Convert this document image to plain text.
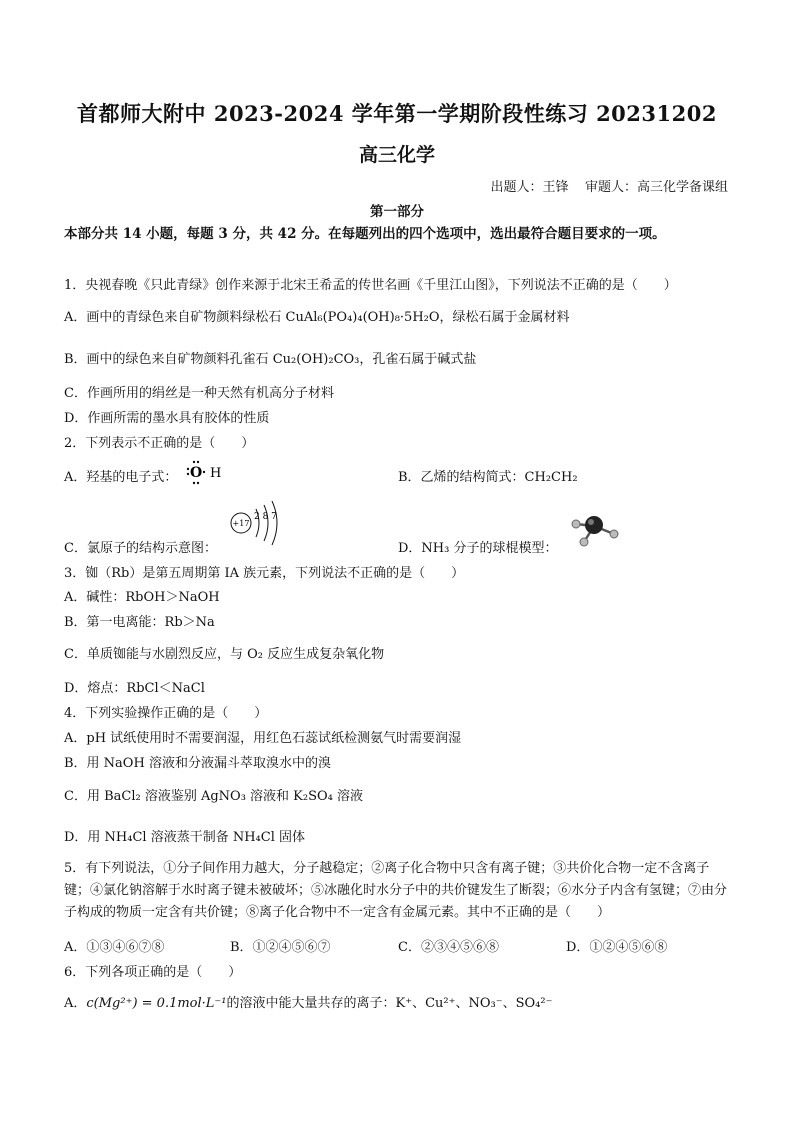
首都师大附中 2023-2024 学年第一学期阶段性练习 20231202
高三化学
出题人：王锋    审题人：高三化学备课组
第一部分
本部分共 14 小题，每题 3 分，共 42 分。在每题列出的四个选项中，选出最符合题目要求的一项。
1．央视春晚《只此青绿》创作来源于北宋王希孟的传世名画《千里江山图》，下列说法不正确的是（　　）
A．画中的青绿色来自矿物颜料绿松石 CuAl₆(PO₄)₄(OH)₈·5H₂O，绿松石属于金属材料
B．画中的绿色来自矿物颜料孔雀石 Cu₂(OH)₂CO₃，孔雀石属于碱式盐
C．作画所用的绢丝是一种天然有机高分子材料
D．作画所需的墨水具有胶体的性质
2．下列表示不正确的是（　　）
A．羟基的电子式： O H	B．乙烯的结构简式：CH₂CH₂
C．氯原子的结构示意图：
+17
2 8 7
D．NH₃ 分子的球棍模型：
3．铷（Rb）是第五周期第 IA 族元素，下列说法不正确的是（　　）
A．碱性：RbOH＞NaOH
B．第一电离能：Rb＞Na
C．单质铷能与水剧烈反应，与 O₂ 反应生成复杂氧化物
D．熔点：RbCl＜NaCl
4．下列实验操作正确的是（　　）
A．pH 试纸使用时不需要润湿，用红色石蕊试纸检测氨气时需要润湿
B．用 NaOH 溶液和分液漏斗萃取溴水中的溴
C．用 BaCl₂ 溶液鉴别 AgNO₃ 溶液和 K₂SO₄ 溶液
D．用 NH₄Cl 溶液蒸干制备 NH₄Cl 固体
5．有下列说法，①分子间作用力越大，分子越稳定；②离子化合物中只含有离子键；③共价化合物一定不含离子键；④氯化钠溶解于水时离子键未被破坏；⑤冰融化时水分子中的共价键发生了断裂；⑥水分子内含有氢键；⑦由分子构成的物质一定含有共价键；⑧离子化合物中不一定含有金属元素。其中不正确的是（　　）
A．①③④⑥⑦⑧	B．①②④⑤⑥⑦	C．②③④⑤⑥⑧	D．①②④⑤⑥⑧
6．下列各项正确的是（　　）
A．c(Mg²⁺) = 0.1mol·L⁻¹的溶液中能大量共存的离子：K⁺、Cu²⁺、NO₃⁻、SO₄²⁻
